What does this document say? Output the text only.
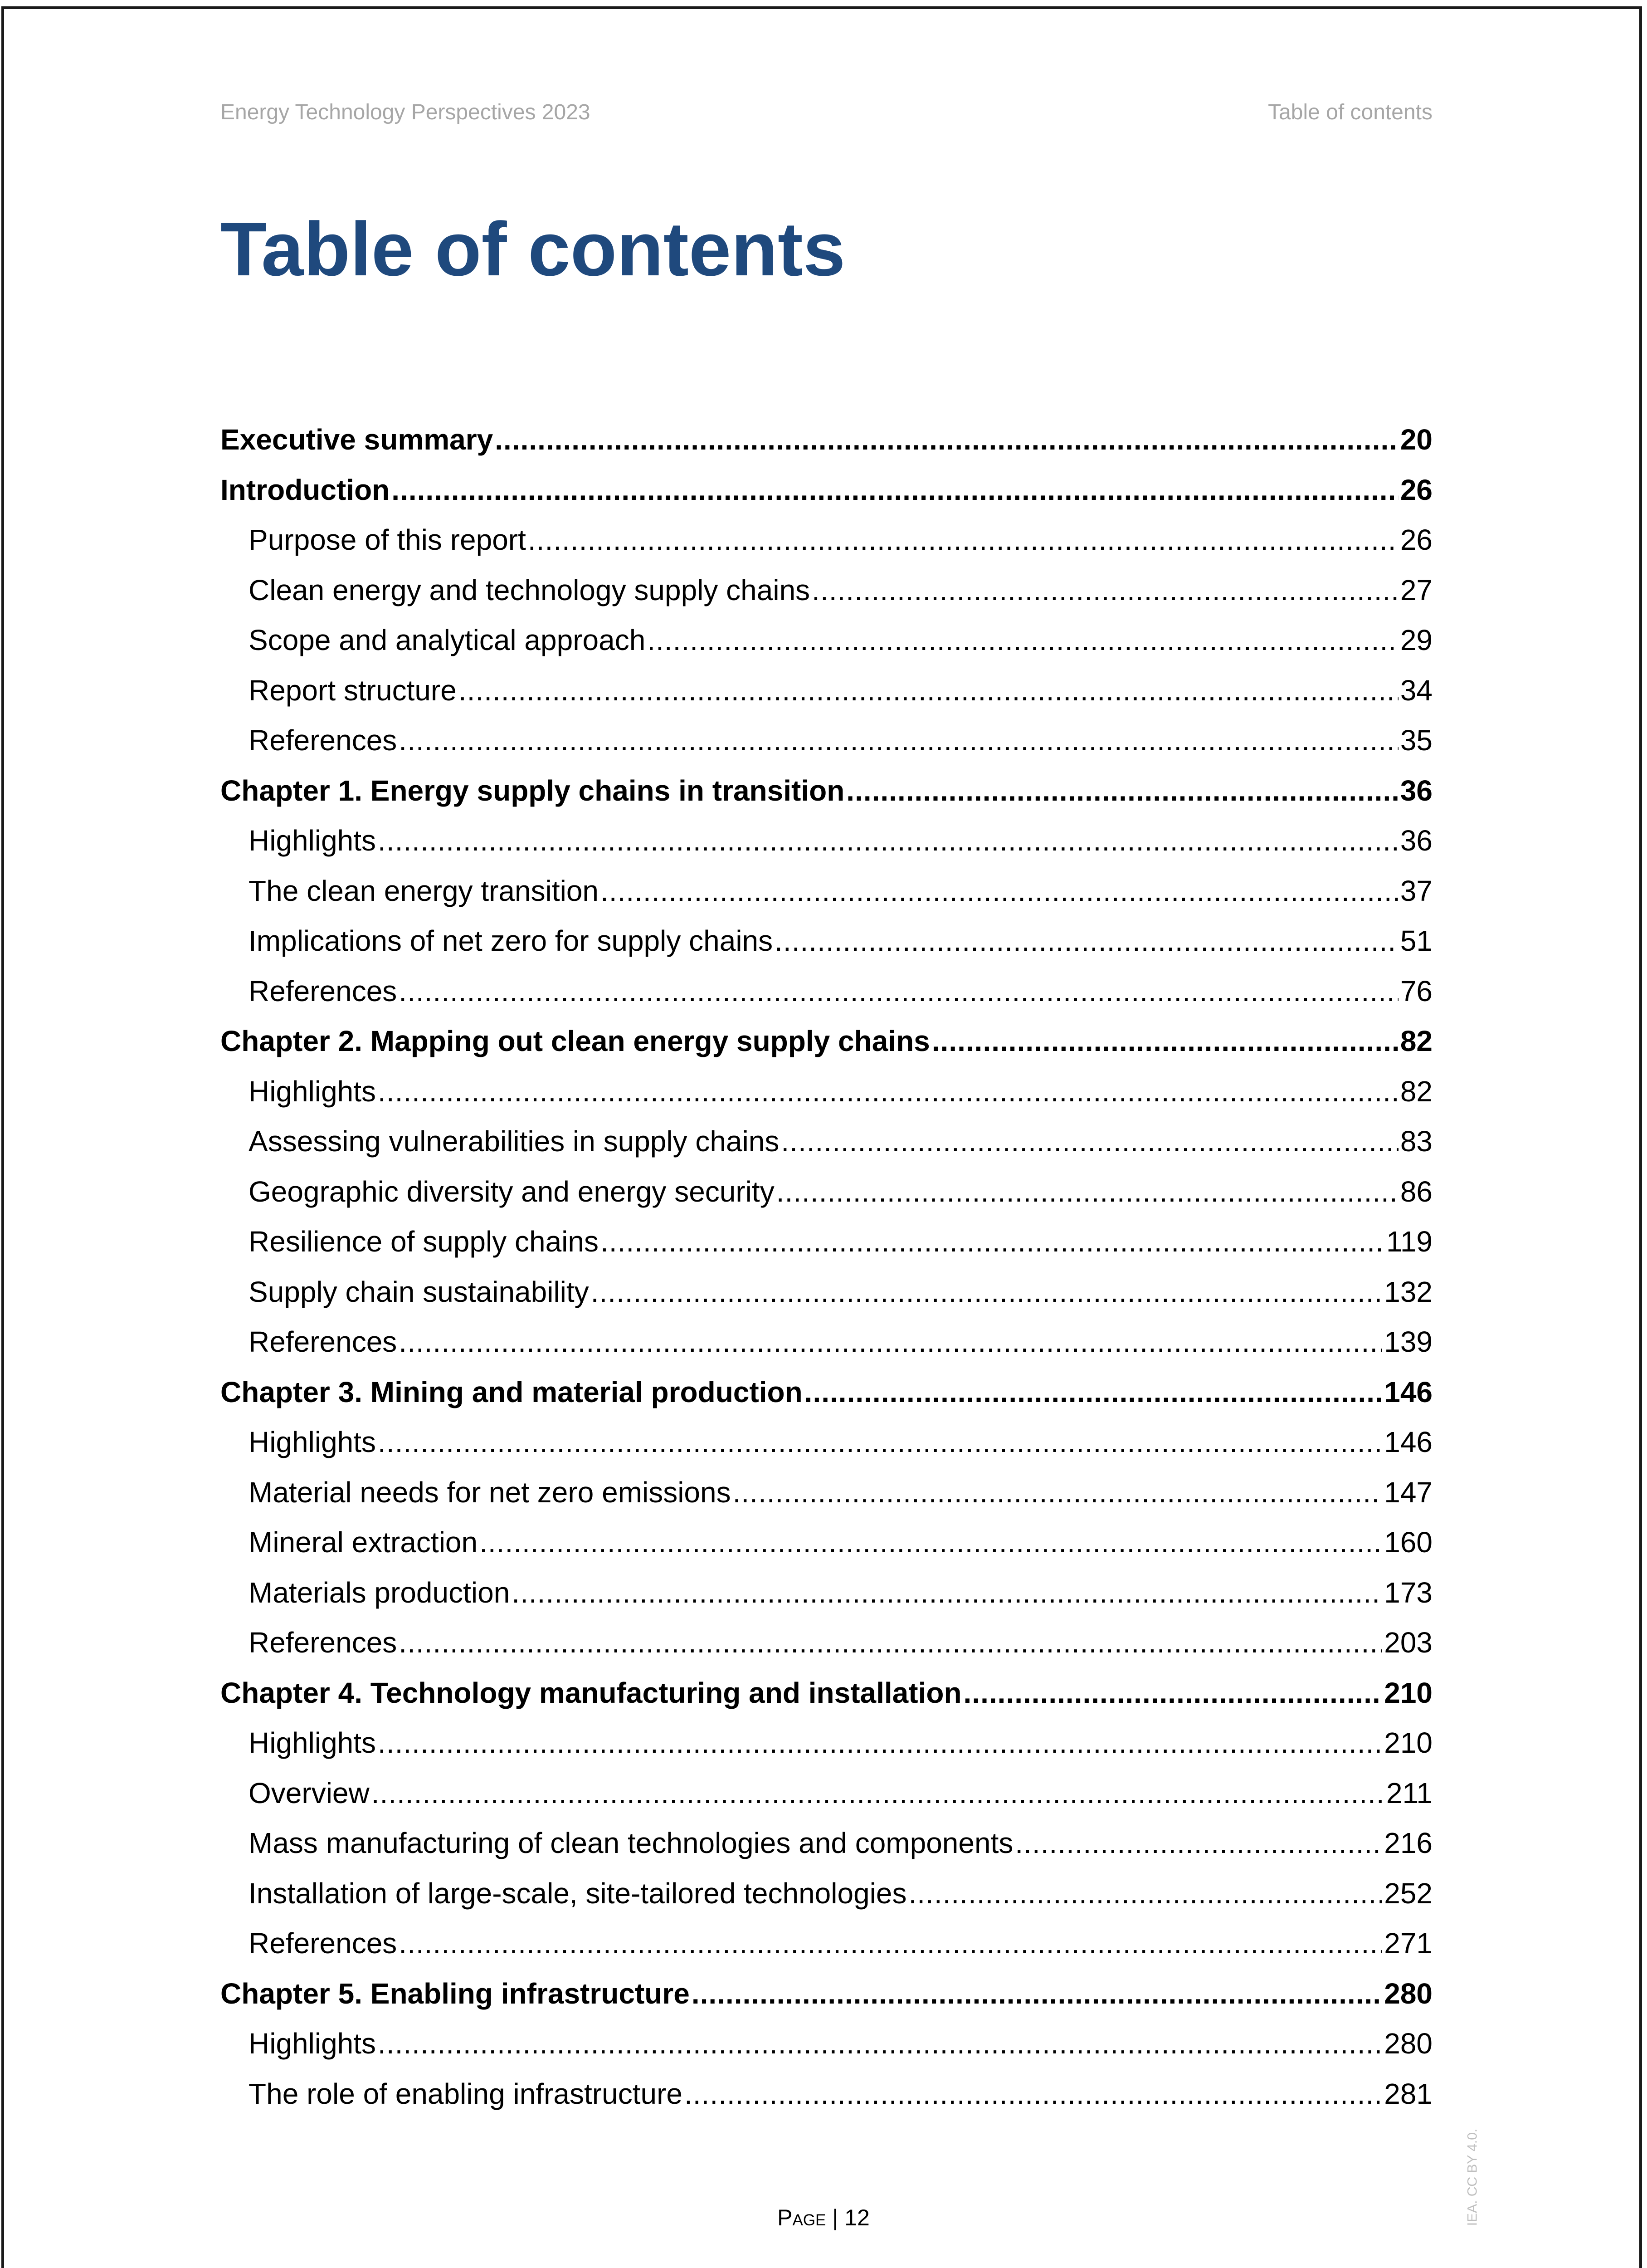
Energy Technology Perspectives 2023	Table of contents
Table of contents
Executive summary .....	20
Introduction .....	26
Purpose of this report .....	26
Clean energy and technology supply chains .....	27
Scope and analytical approach .....	29
Report structure .....	34
References .....	35
Chapter 1. Energy supply chains in transition .....	36
Highlights .....	36
The clean energy transition .....	37
Implications of net zero for supply chains .....	51
References .....	76
Chapter 2. Mapping out clean energy supply chains .....	82
Highlights .....	82
Assessing vulnerabilities in supply chains .....	83
Geographic diversity and energy security .....	86
Resilience of supply chains .....	119
Supply chain sustainability .....	132
References .....	139
Chapter 3. Mining and material production .....	146
Highlights .....	146
Material needs for net zero emissions .....	147
Mineral extraction .....	160
Materials production .....	173
References .....	203
Chapter 4. Technology manufacturing and installation .....	210
Highlights .....	210
Overview .....	211
Mass manufacturing of clean technologies and components .....	216
Installation of large-scale, site-tailored technologies .....	252
References .....	271
Chapter 5. Enabling infrastructure .....	280
Highlights .....	280
The role of enabling infrastructure .....	281
Page | 12	IEA. CC BY 4.0.
